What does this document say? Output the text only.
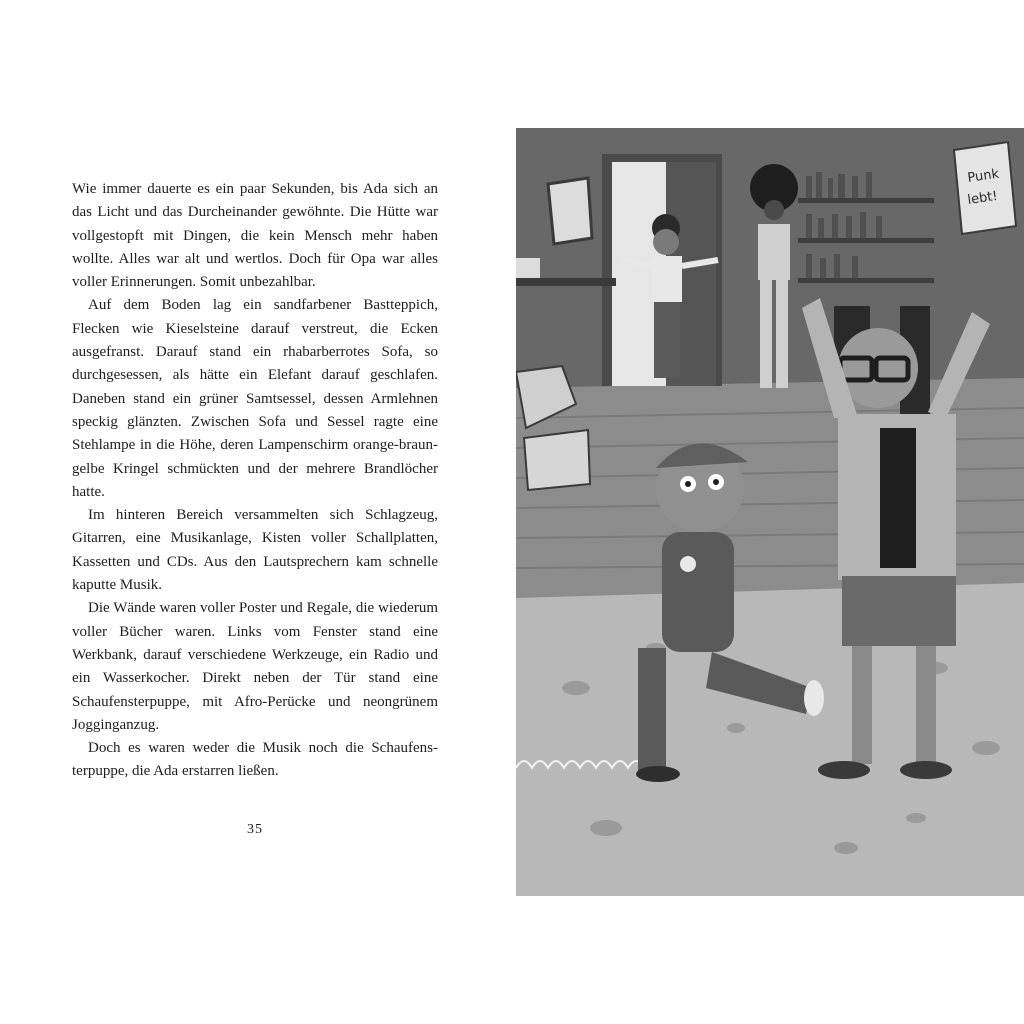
Wie immer dauerte es ein paar Sekunden, bis Ada sich an das Licht und das Durcheinander gewöhnte. Die Hütte war vollgestopft mit Dingen, die kein Mensch mehr haben wollte. Alles war alt und wertlos. Doch für Opa war alles voller Erinnerungen. Somit unbezahlbar.

Auf dem Boden lag ein sandfarbener Bastteppich, Flecken wie Kieselsteine darauf verstreut, die Ecken ausgefranst. Darauf stand ein rhabarberrotes Sofa, so durchgesessen, als hätte ein Elefant darauf geschlafen. Daneben stand ein grüner Samtsessel, dessen Armlehnen speckig glänzten. Zwischen Sofa und Sessel ragte eine Stehlampe in die Höhe, deren Lampenschirm orange-braun-gelbe Kringel schmückten und der mehrere Brandlöcher hatte.

Im hinteren Bereich versammelten sich Schlagzeug, Gitarren, eine Musikanlage, Kisten voller Schallplatten, Kassetten und CDs. Aus den Lautsprechern kam schnelle kaputte Musik.

Die Wände waren voller Poster und Regale, die wiederum voller Bücher waren. Links vom Fenster stand eine Werkbank, darauf verschiedene Werkzeuge, ein Radio und ein Wasserkocher. Direkt neben der Tür stand eine Schaufensterpuppe, mit Afro-Perücke und neongrünem Jogginganzug.

Doch es waren weder die Musik noch die Schaufensterpuppe, die Ada erstarren ließen.

35
Punk
lebt!
